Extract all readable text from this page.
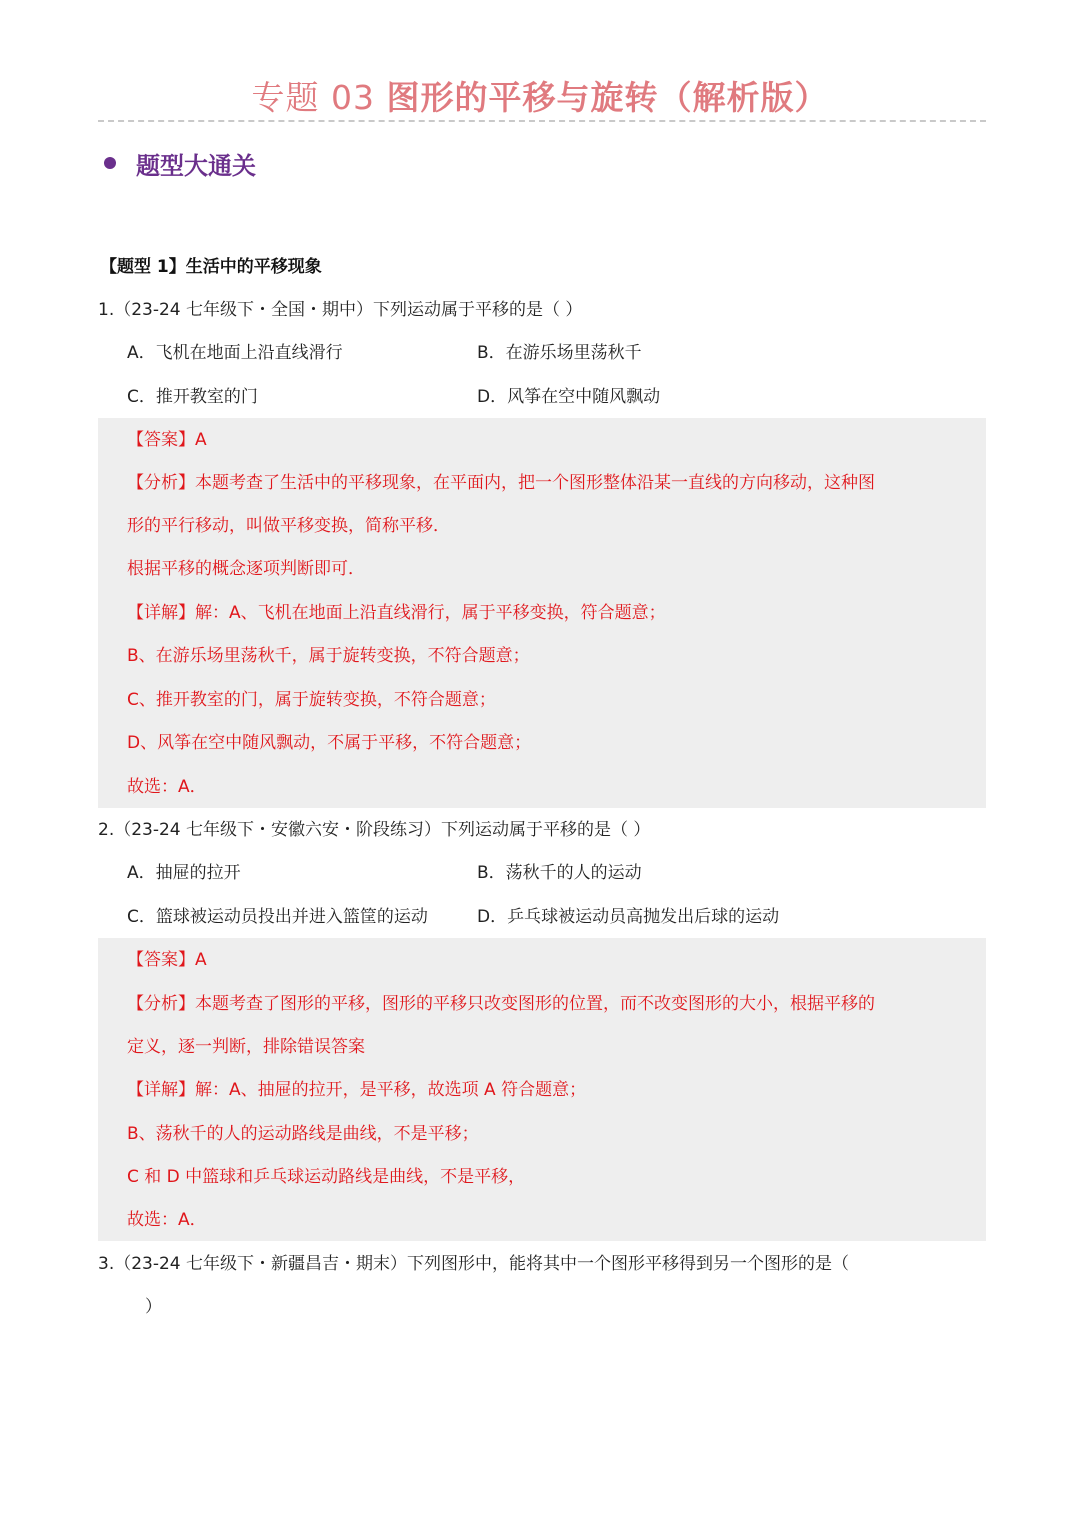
专题 03 图形的平移与旋转（解析版）
题型大通关
【题型 1】生活中的平移现象
1.（23-24 七年级下・全国・期中）下列运动属于平移的是（ ）
A．飞机在地面上沿直线滑行	B．在游乐场里荡秋千
C．推开教室的门	D．风筝在空中随风飘动
【答案】A
【分析】本题考查了生活中的平移现象，在平面内，把一个图形整体沿某一直线的方向移动，这种图
形的平行移动，叫做平移变换，简称平移．
根据平移的概念逐项判断即可．
【详解】解：A、飞机在地面上沿直线滑行，属于平移变换，符合题意；
B、在游乐场里荡秋千，属于旋转变换，不符合题意；
C、推开教室的门，属于旋转变换，不符合题意；
D、风筝在空中随风飘动，不属于平移，不符合题意；
故选：A．
2.（23-24 七年级下・安徽六安・阶段练习）下列运动属于平移的是（ ）
A．抽屉的拉开	B．荡秋千的人的运动
C．篮球被运动员投出并进入篮筐的运动	D．乒乓球被运动员高抛发出后球的运动
【答案】A
【分析】本题考查了图形的平移，图形的平移只改变图形的位置，而不改变图形的大小，根据平移的
定义，逐一判断，排除错误答案
【详解】解：A、抽屉的拉开，是平移，故选项 A 符合题意；
B、荡秋千的人的运动路线是曲线，不是平移；
C 和 D 中篮球和乒乓球运动路线是曲线，不是平移，
故选：A．
3.（23-24 七年级下・新疆昌吉・期末）下列图形中，能将其中一个图形平移得到另一个图形的是（
）
